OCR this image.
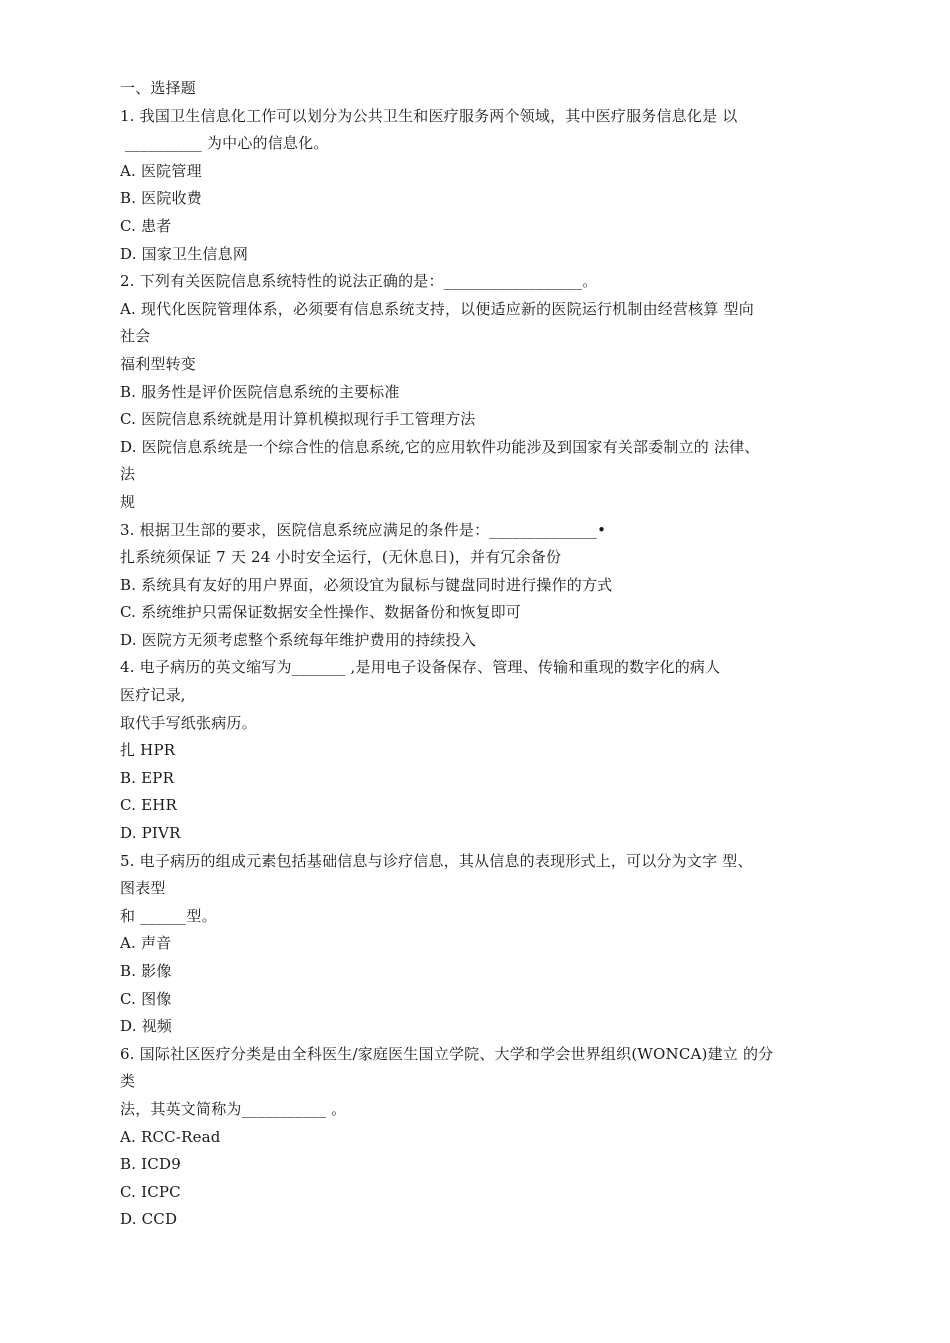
一、选择题
1. 我国卫生信息化工作可以划分为公共卫生和医疗服务两个领域，其中医疗服务信息化是 以
__________ 为中心的信息化。
A. 医院管理
B. 医院收费
C. 患者
D. 国家卫生信息网
2. 下列有关医院信息系统特性的说法正确的是：__________________。
A. 现代化医院管理体系，必须要有信息系统支持，以便适应新的医院运行机制由经营核算 型向
社会
福利型转变
B. 服务性是评价医院信息系统的主要标准
C. 医院信息系统就是用计算机模拟现行手工管理方法
D. 医院信息系统是一个综合性的信息系统,它的应用软件功能涉及到国家有关部委制立的 法律、
法
规
3. 根据卫生部的要求，医院信息系统应满足的条件是：______________•
扎系统须保证 7 天 24 小时安全运行，(无休息日)，并有冗余备份
B. 系统具有友好的用户界面，必须设宜为鼠标与键盘同时进行操作的方式
C. 系统维护只需保证数据安全性操作、数据备份和恢复即可
D. 医院方无须考虑整个系统每年维护费用的持续投入
4. 电子病历的英文缩写为_______ ,是用电子设备保存、管理、传输和重现的数字化的病人
医疗记录,
取代手写纸张病历。
扎 HPR
B. EPR
C. EHR
D. PIVR
5. 电子病历的组成元素包括基础信息与诊疗信息，其从信息的表现形式上，可以分为文字 型、
图表型
和 ______型。
A. 声音
B. 影像
C. 图像
D. 视频
6. 国际社区医疗分类是由全科医生/家庭医生国立学院、大学和学会世界组织(WONCA)建立 的分
类
法，其英文简称为___________ 。
A. RCC-Read
B. ICD9
C. ICPC
D. CCD
